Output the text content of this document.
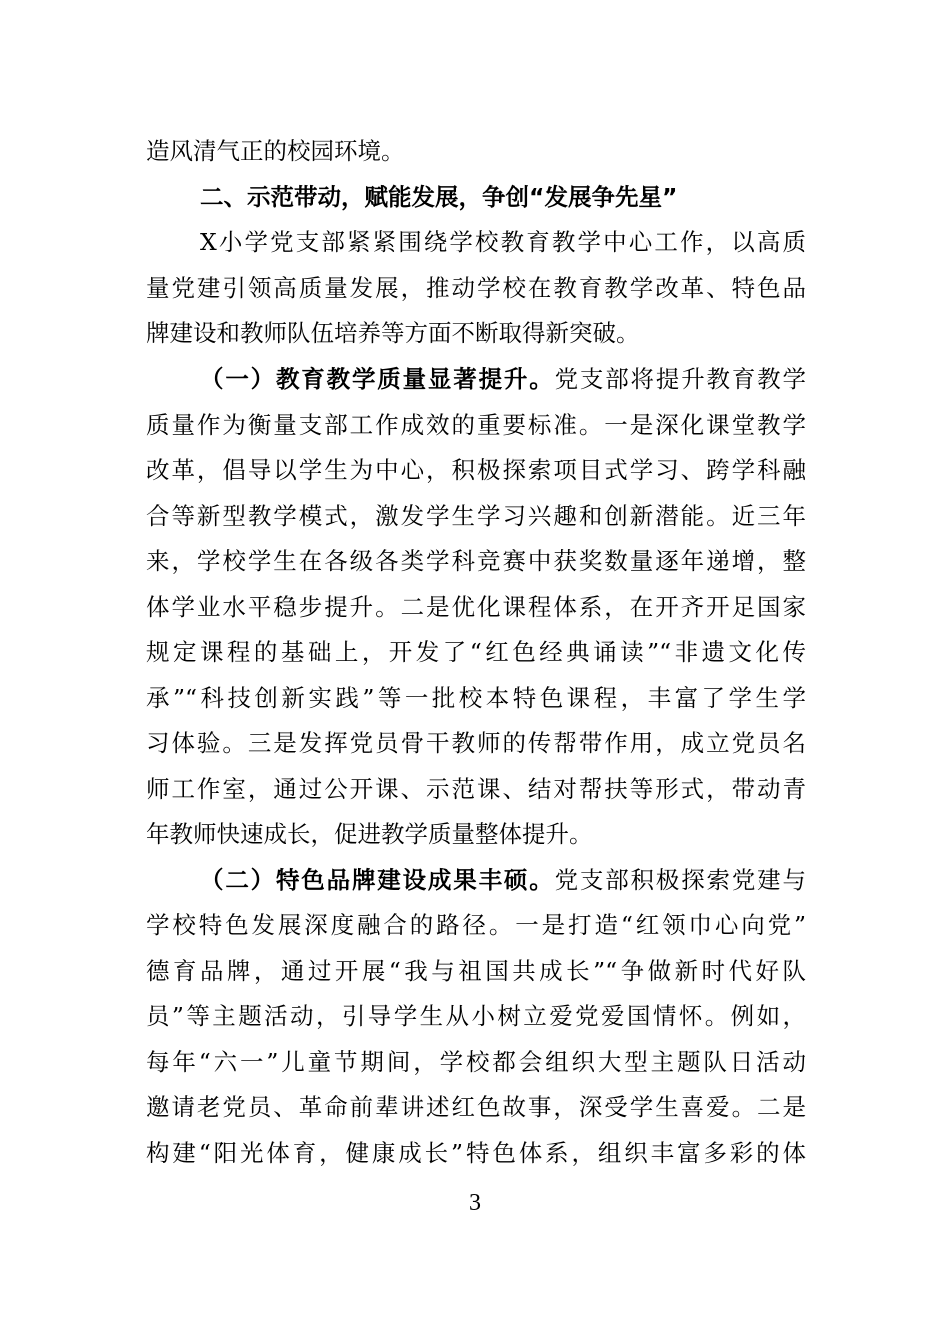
造风清气正的校园环境。
二、示范带动，赋能发展，争创“发展争先星”
X小学党支部紧紧围绕学校教育教学中心工作，以高质
量党建引领高质量发展，推动学校在教育教学改革、特色品
牌建设和教师队伍培养等方面不断取得新突破。
（一）教育教学质量显著提升。党支部将提升教育教学
质量作为衡量支部工作成效的重要标准。一是深化课堂教学
改革，倡导以学生为中心，积极探索项目式学习、跨学科融
合等新型教学模式，激发学生学习兴趣和创新潜能。近三年
来，学校学生在各级各类学科竞赛中获奖数量逐年递增，整
体学业水平稳步提升。二是优化课程体系，在开齐开足国家
规定课程的基础上，开发了“红色经典诵读”“非遗文化传
承”“科技创新实践”等一批校本特色课程，丰富了学生学
习体验。三是发挥党员骨干教师的传帮带作用，成立党员名
师工作室，通过公开课、示范课、结对帮扶等形式，带动青
年教师快速成长，促进教学质量整体提升。
（二）特色品牌建设成果丰硕。党支部积极探索党建与
学校特色发展深度融合的路径。一是打造“红领巾心向党”
德育品牌，通过开展“我与祖国共成长”“争做新时代好队
员”等主题活动，引导学生从小树立爱党爱国情怀。例如，
每年“六一”儿童节期间，学校都会组织大型主题队日活动
邀请老党员、革命前辈讲述红色故事，深受学生喜爱。二是
构建“阳光体育，健康成长”特色体系，组织丰富多彩的体
3
